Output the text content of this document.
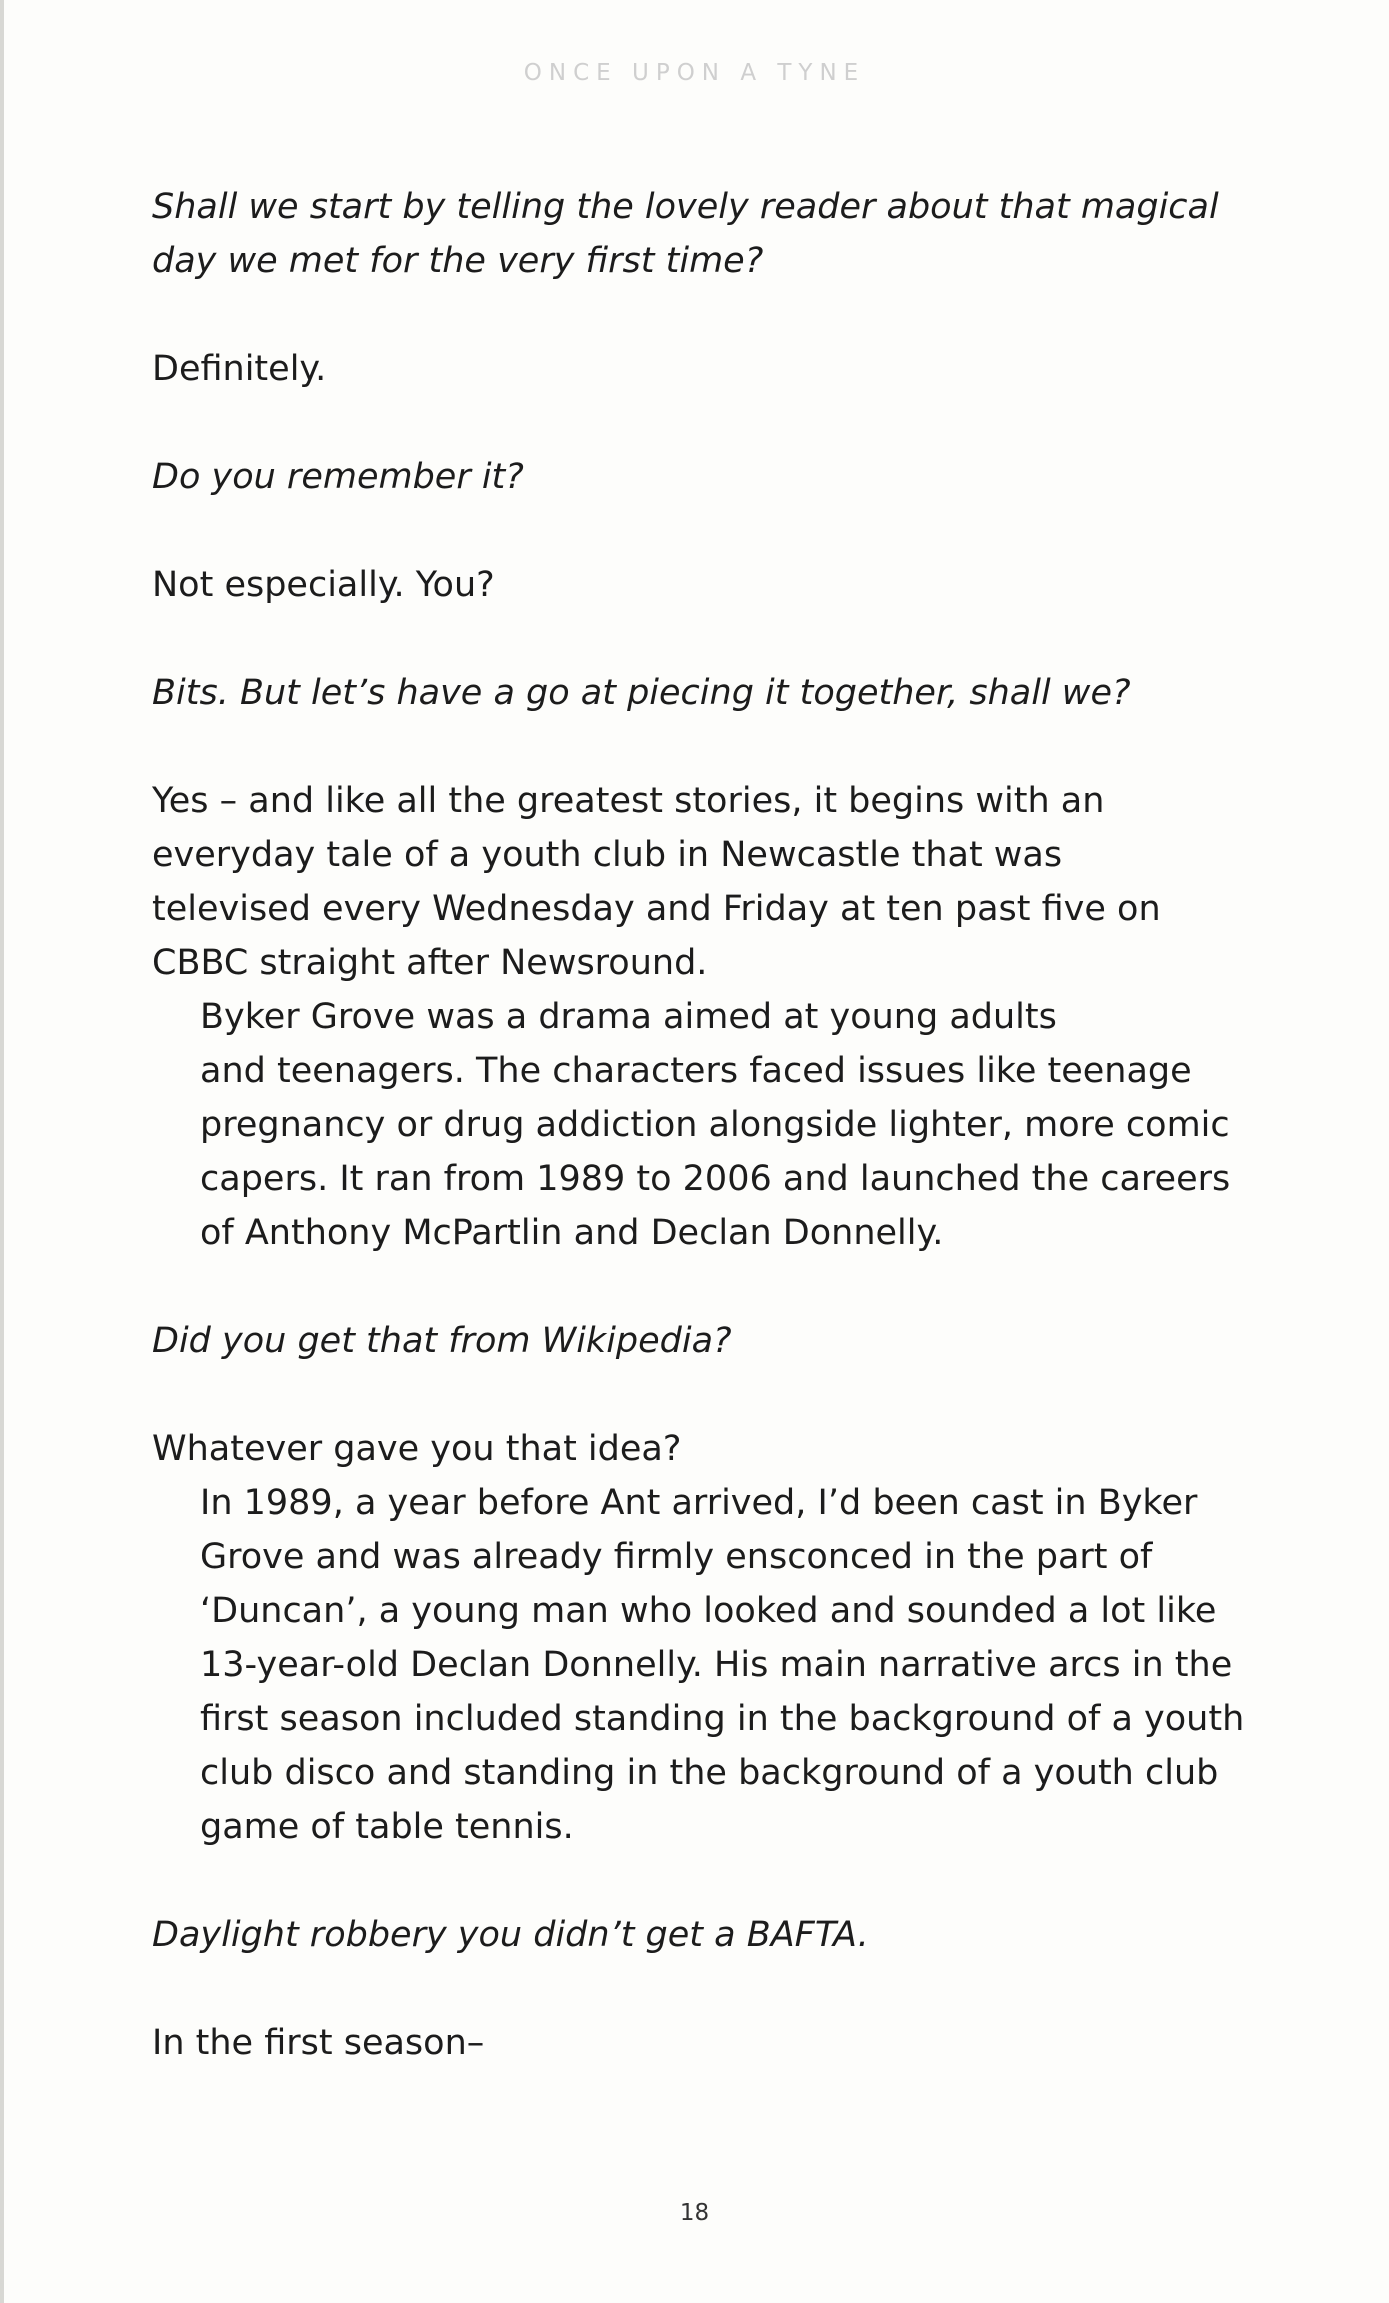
ONCE UPON A TYNE

Shall we start by telling the lovely reader about that magical
day we met for the very first time?

Definitely.

Do you remember it?

Not especially. You?

Bits. But let’s have a go at piecing it together, shall we?

Yes – and like all the greatest stories, it begins with an
everyday tale of a youth club in Newcastle that was
televised every Wednesday and Friday at ten past five on
CBBC straight after Newsround.

Byker Grove was a drama aimed at young adults
and teenagers. The characters faced issues like teenage
pregnancy or drug addiction alongside lighter, more comic
capers. It ran from 1989 to 2006 and launched the careers
of Anthony McPartlin and Declan Donnelly.

Did you get that from Wikipedia?

Whatever gave you that idea?

In 1989, a year before Ant arrived, I’d been cast in Byker
Grove and was already firmly ensconced in the part of
‘Duncan’, a young man who looked and sounded a lot like
13-year-old Declan Donnelly. His main narrative arcs in the
first season included standing in the background of a youth
club disco and standing in the background of a youth club
game of table tennis.

Daylight robbery you didn’t get a BAFTA.

In the first season–

18
